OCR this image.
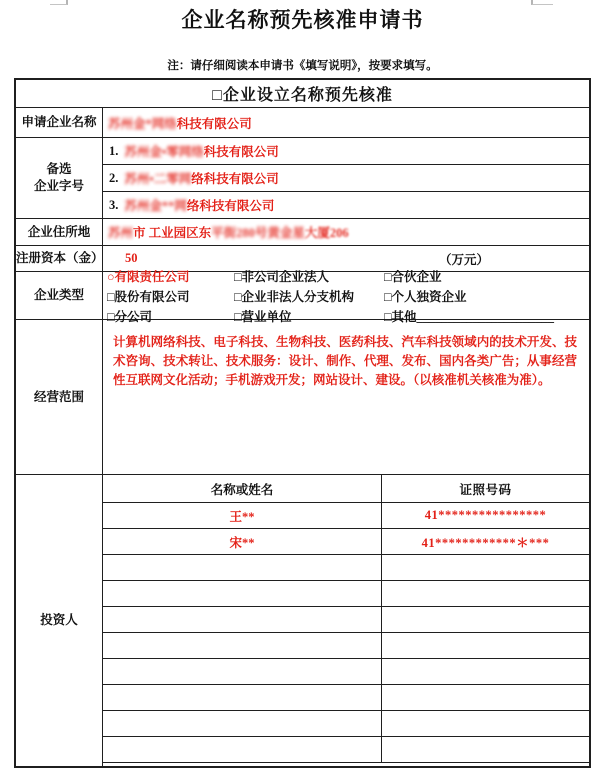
企业名称预先核准申请书
注：请仔细阅读本申请书《填写说明》，按要求填写。
□企业设立名称预先核准
申请企业名称 苏州金*网络 科技有限公司
备选
企业字号
1. 苏州金•零网络科技有限公司
2. 苏州•二零网络科技有限公司
3. 苏州金**网络科技有限公司
企业住所地	苏州 市 工业园区东 平街280号黄金星 大厦206
注册资本（金） 50	（万元）
企业类型
○有限责任公司	□非公司企业法人	□合伙企业
□股份有限公司	□企业非法人分支机构	□个人独资企业
□分公司	□营业单位	□其他______________________
经营范围
计算机网络科技、电子科技、生物科技、医药科技、汽车科技领域内的技术开发、技术咨询、技术转让、技术服务：设计、制作、代理、发布、国内各类广告；从事经营性互联网文化活动；手机游戏开发；网站设计、建设。（以核准机关核准为准）。
投资人
名称或姓名	证照号码
王**	41****************
宋**	41************＊***
